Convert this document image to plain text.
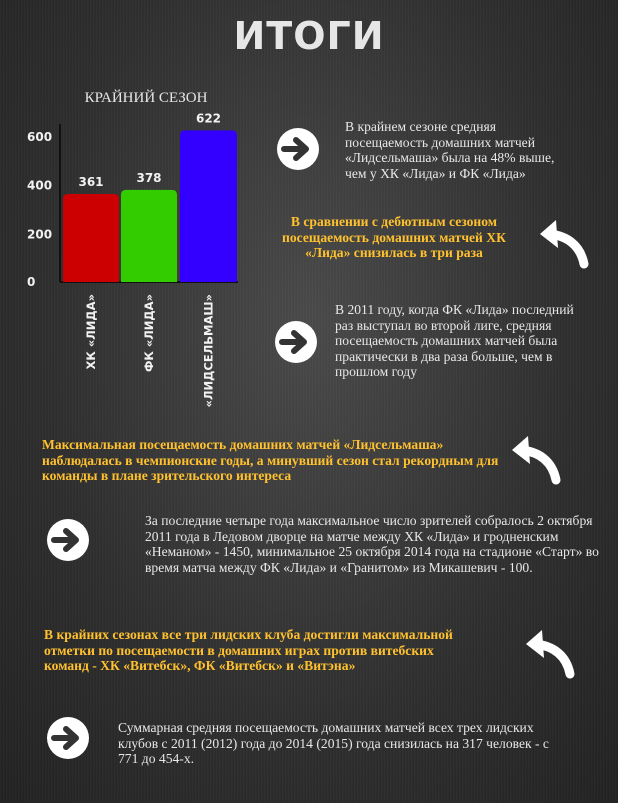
ИТОГИ
КРАЙНИЙ СЕЗОН
0
200
400
600
361	378
622
ХК «ЛИДА»	ФК «ЛИДА»	«ЛИДСЕЛЬМАШ»
В крайнем сезоне средняя посещаемость домашних матчей «Лидсельмаша» была на 48% выше, чем у ХК «Лида» и ФК «Лида»
В сравнении с дебютным сезоном посещаемость домашних матчей ХК «Лида» снизилась в три раза
В 2011 году, когда ФК «Лида» последний раз выступал во второй лиге, средняя посещаемость домашних матчей была практически в два раза больше, чем в прошлом году
Максимальная посещаемость домашних матчей «Лидсельмаша» наблюдалась в чемпионские годы, а минувший сезон стал рекордным для команды в плане зрительского интереса
За последние четыре года максимальное число зрителей собралось 2 октября 2011 года в Ледовом дворце на матче между ХК «Лида» и гродненским «Неманом» - 1450, минимальное 25 октября 2014 года на стадионе «Старт» во время матча между ФК «Лида» и «Гранитом» из Микашевич - 100.
В крайних сезонах все три лидских клуба достигли максимальной отметки по посещаемости в домашних играх против витебских команд - ХК «Витебск», ФК «Витебск» и «Витэна»
Суммарная средняя посещаемость домашних матчей всех трех лидских клубов с 2011 (2012) года до 2014 (2015) года снизилась на 317 человек - с 771 до 454-х.
